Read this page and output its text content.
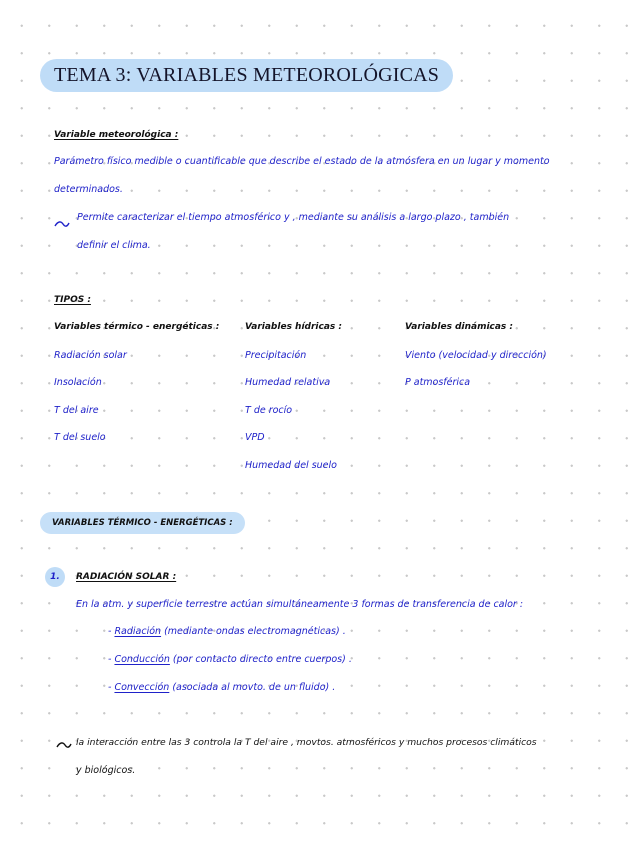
TEMA 3: VARIABLES METEOROLÓGICAS
Variable meteorológica :
Parámetro físico medible o cuantificable que describe el estado de la atmósfera en un lugar y momento
determinados.
Permite caracterizar el tiempo atmosférico y , mediante su análisis a largo plazo , también
definir el clima.
TIPOS :
Variables térmico - energéticas :
Radiación solar
Insolación
T del aire
T del suelo
Variables hídricas :
Precipitación
Humedad relativa
T de rocío
VPD
Humedad del suelo
Variables dinámicas :
Viento (velocidad y dirección)
P atmosférica
VARIABLES TÉRMICO - ENERGÉTICAS :
1.	RADIACIÓN SOLAR :
En la atm. y superficie terrestre actúan simultáneamente 3 formas de transferencia de calor :
- Radiación (mediante ondas electromagnéticas) .
- Conducción (por contacto directo entre cuerpos) .
- Convección (asociada al movto. de un fluido) .
la interacción entre las 3 controla la T del aire , movtos. atmosféricos y muchos procesos climáticos
y biológicos.
